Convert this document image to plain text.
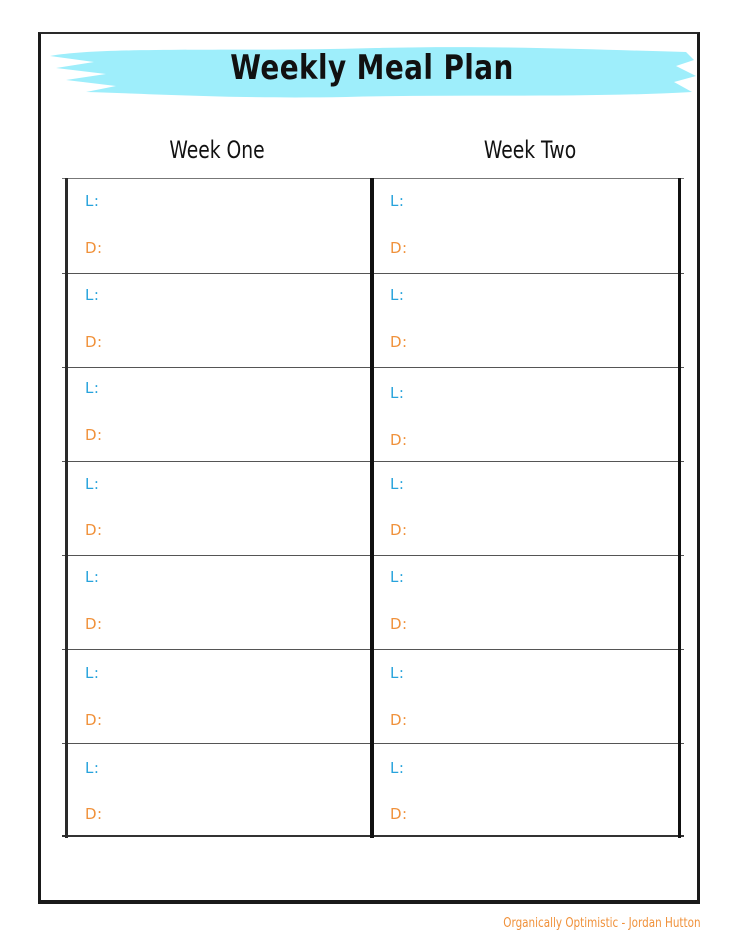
Weekly Meal Plan
Week One	Week Two
L:
D:
L:
D:
L:
D:
L:
D:
L:
D:
L:
D:
L:
D:
L:
D:
L:
D:
L:
D:
L:
D:
L:
D:
L:
D:
L:
D:
Organically Optimistic - Jordan Hutton
